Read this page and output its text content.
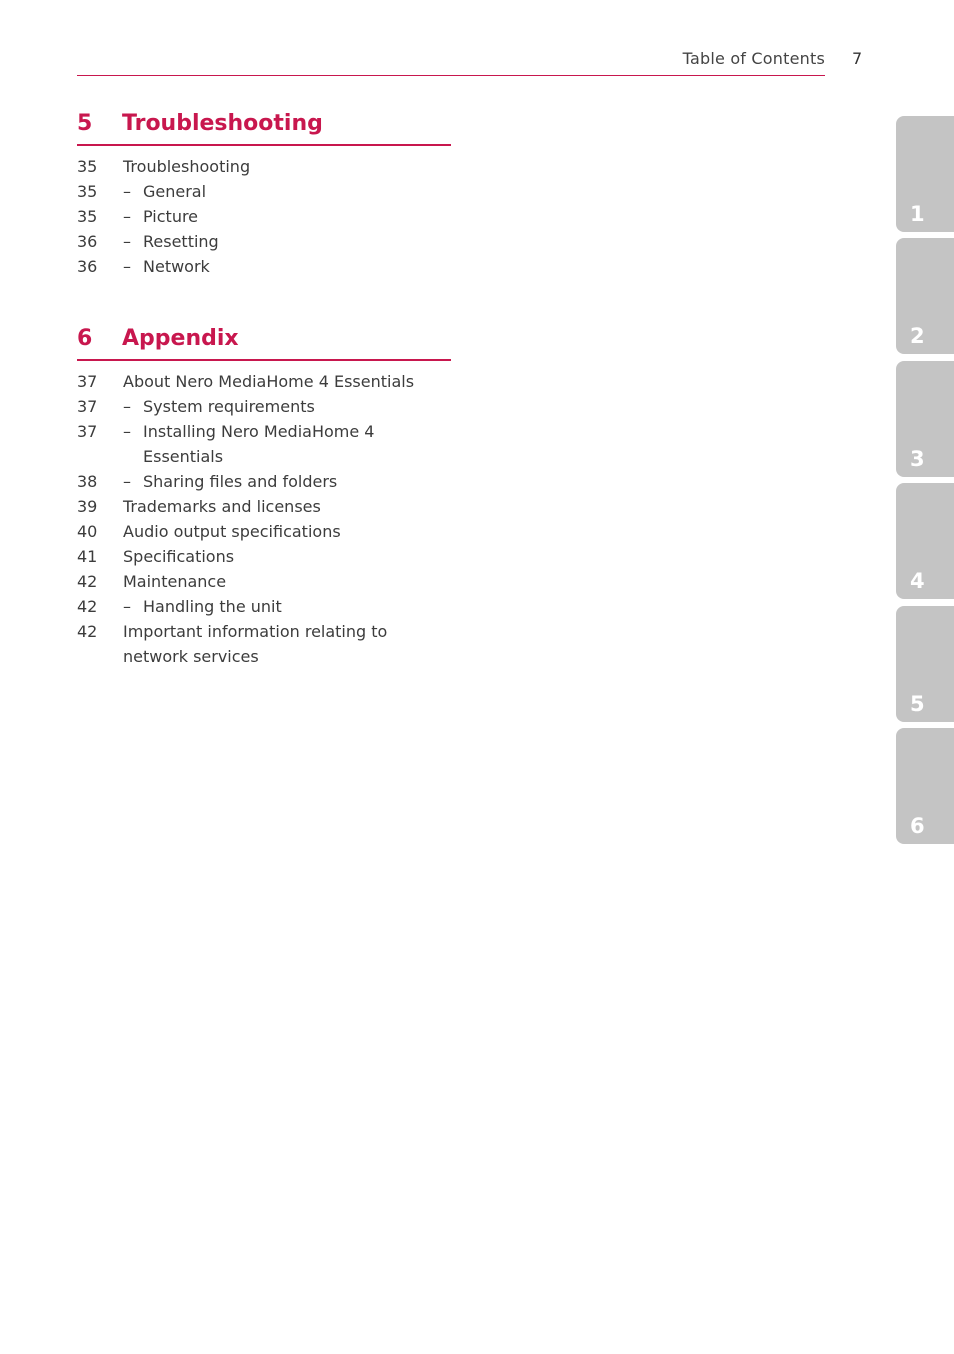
Table of Contents 7
5 Troubleshooting
35 Troubleshooting
35	– General
35	– Picture
36	– Resetting
36	– Network
6 Appendix
37 About Nero MediaHome 4 Essentials
37	– System requirements
37	– Installing Nero MediaHome 4 Essentials
38	– Sharing files and folders
39 Trademarks and licenses
40 Audio output specifications
41 Specifications
42 Maintenance
42	– Handling the unit
42 Important information relating to network services
1
2
3
4
5
6
